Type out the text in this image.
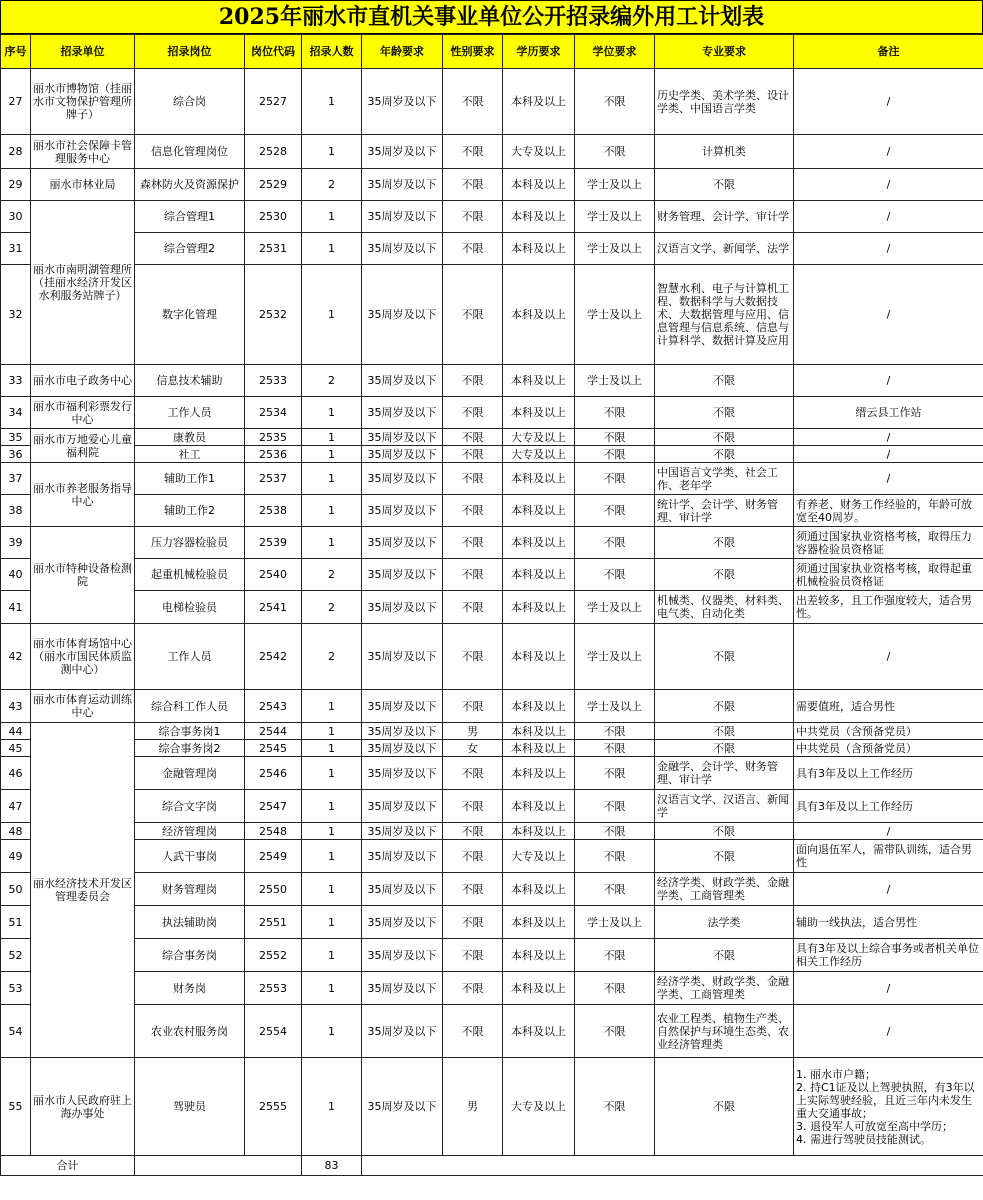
2025年丽水市直机关事业单位公开招录编外用工计划表
序号	招录单位	招录岗位	岗位代码	招录人数	年龄要求	性别要求	学历要求	学位要求	专业要求	备注
27	丽水市博物馆（挂丽水市文物保护管理所牌子）	综合岗	2527	1	35周岁及以下	不限	本科及以上	不限	历史学类、美术学类、设计学类、中国语言学类	/
28	丽水市社会保障卡管理服务中心	信息化管理岗位	2528	1	35周岁及以下	不限	大专及以上	不限	计算机类	/
29	丽水市林业局	森林防火及资源保护	2529	2	35周岁及以下	不限	本科及以上	学士及以上	不限	/
30	丽水市南明湖管理所（挂丽水经济开发区水利服务站牌子）	综合管理1	2530	1	35周岁及以下	不限	本科及以上	学士及以上	财务管理、会计学、审计学	/
31		综合管理2	2531	1	35周岁及以下	不限	本科及以上	学士及以上	汉语言文学、新闻学、法学	/
32		数字化管理	2532	1	35周岁及以下	不限	本科及以上	学士及以上	智慧水利、电子与计算机工程、数据科学与大数据技术、大数据管理与应用、信息管理与信息系统、信息与计算科学、数据计算及应用	/
33	丽水市电子政务中心	信息技术辅助	2533	2	35周岁及以下	不限	本科及以上	学士及以上	不限	/
34	丽水市福利彩票发行中心	工作人员	2534	1	35周岁及以下	不限	本科及以上	不限	不限	缙云县工作站
35	丽水市万地爱心儿童福利院	康教员	2535	1	35周岁及以下	不限	大专及以上	不限	不限	/
36		社工	2536	1	35周岁及以下	不限	大专及以上	不限	不限	/
37	丽水市养老服务指导中心	辅助工作1	2537	1	35周岁及以下	不限	本科及以上	不限	中国语言文学类、社会工作、老年学	/
38		辅助工作2	2538	1	35周岁及以下	不限	本科及以上	不限	统计学、会计学、财务管理、审计学	有养老、财务工作经验的，年龄可放宽至40周岁。
39	丽水市特种设备检测院	压力容器检验员	2539	1	35周岁及以下	不限	本科及以上	不限	不限	须通过国家执业资格考核，取得压力容器检验员资格证
40		起重机械检验员	2540	2	35周岁及以下	不限	本科及以上	不限	不限	须通过国家执业资格考核，取得起重机械检验员资格证
41		电梯检验员	2541	2	35周岁及以下	不限	本科及以上	学士及以上	机械类、仪器类、材料类、电气类、自动化类	出差较多，且工作强度较大，适合男性。
42	丽水市体育场馆中心（丽水市国民体质监测中心）	工作人员	2542	2	35周岁及以下	不限	本科及以上	学士及以上	不限	/
43	丽水市体育运动训练中心	综合科工作人员	2543	1	35周岁及以下	不限	本科及以上	学士及以上	不限	需要值班，适合男性
44	丽水经济技术开发区管理委员会	综合事务岗1	2544	1	35周岁及以下	男	本科及以上	不限	不限	中共党员（含预备党员）
45		综合事务岗2	2545	1	35周岁及以下	女	本科及以上	不限	不限	中共党员（含预备党员）
46		金融管理岗	2546	1	35周岁及以下	不限	本科及以上	不限	金融学、会计学、财务管理、审计学	具有3年及以上工作经历
47		综合文字岗	2547	1	35周岁及以下	不限	本科及以上	不限	汉语言文学、汉语言、新闻学	具有3年及以上工作经历
48		经济管理岗	2548	1	35周岁及以下	不限	本科及以上	不限	不限	/
49		人武干事岗	2549	1	35周岁及以下	不限	大专及以上	不限	不限	面向退伍军人，需带队训练，适合男性
50		财务管理岗	2550	1	35周岁及以下	不限	本科及以上	不限	经济学类、财政学类、金融学类、工商管理类	/
51		执法辅助岗	2551	1	35周岁及以下	不限	本科及以上	学士及以上	法学类	辅助一线执法，适合男性
52		综合事务岗	2552	1	35周岁及以下	不限	本科及以上	不限	不限	具有3年及以上综合事务或者机关单位相关工作经历
53		财务岗	2553	1	35周岁及以下	不限	本科及以上	不限	经济学类、财政学类、金融学类、工商管理类	/
54		农业农村服务岗	2554	1	35周岁及以下	不限	本科及以上	不限	农业工程类、植物生产类、自然保护与环境生态类、农业经济管理类	/
55	丽水市人民政府驻上海办事处	驾驶员	2555	1	35周岁及以下	男	大专及以上	不限	不限	1. 丽水市户籍；
2. 持C1证及以上驾驶执照，有3年以上实际驾驶经验，且近三年内未发生重大交通事故；
3. 退役军人可放宽至高中学历；
4. 需进行驾驶员技能测试。
合计				83						
